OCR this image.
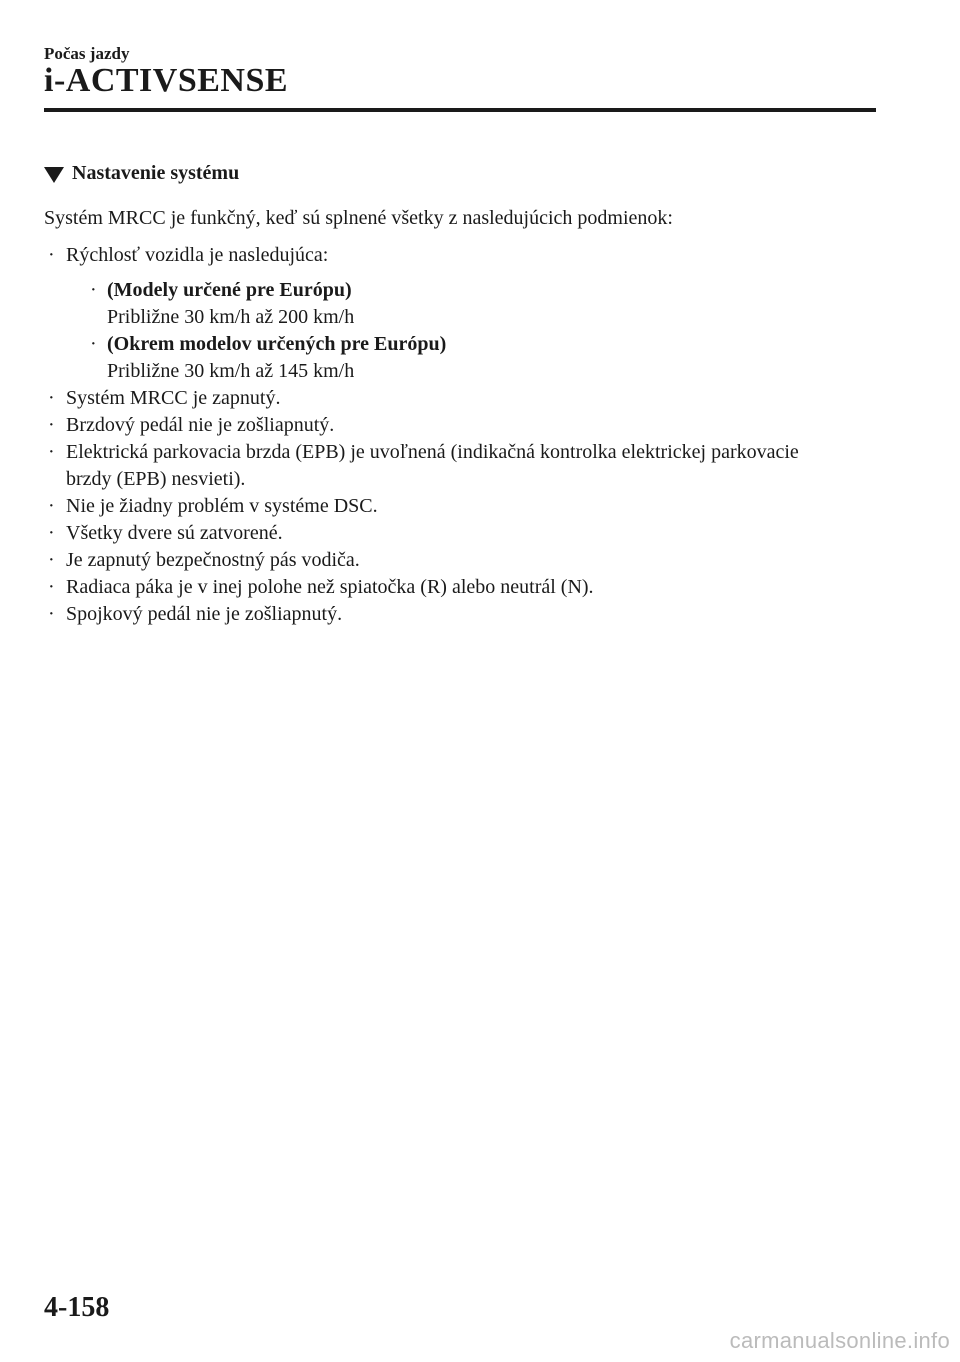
Počas jazdy
i-ACTIVSENSE
Nastavenie systému
Systém MRCC je funkčný, keď sú splnené všetky z nasledujúcich podmienok:
· Rýchlosť vozidla je nasledujúca:
· (Modely určené pre Európu)
Približne 30 km/h až 200 km/h
· (Okrem modelov určených pre Európu)
Približne 30 km/h až 145 km/h
· Systém MRCC je zapnutý.
· Brzdový pedál nie je zošliapnutý.
· Elektrická parkovacia brzda (EPB) je uvoľnená (indikačná kontrolka elektrickej parkovacie brzdy (EPB) nesvieti).
· Nie je žiadny problém v systéme DSC.
· Všetky dvere sú zatvorené.
· Je zapnutý bezpečnostný pás vodiča.
· Radiaca páka je v inej polohe než spiatočka (R) alebo neutrál (N).
· Spojkový pedál nie je zošliapnutý.
4-158
carmanualsonline.info
